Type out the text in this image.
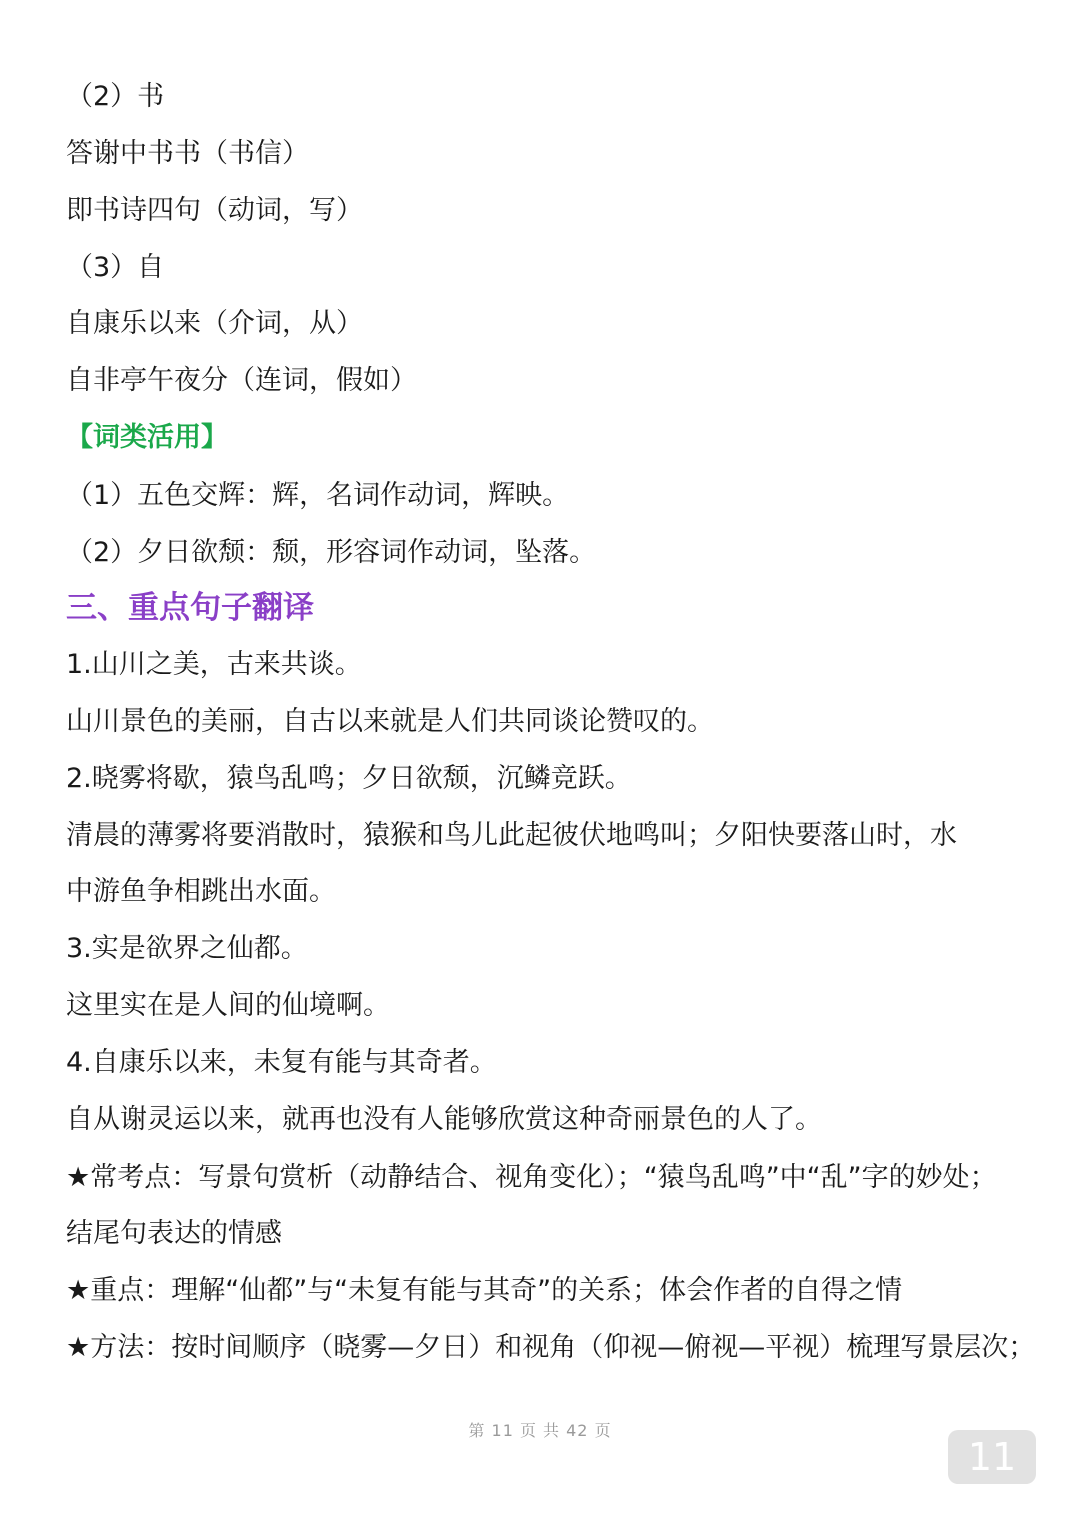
（2）书
答谢中书书（书信）
即书诗四句（动词，写）
（3）自
自康乐以来（介词，从）
自非亭午夜分（连词，假如）
【词类活用】
（1）五色交辉：辉，名词作动词，辉映。
（2）夕日欲颓：颓，形容词作动词，坠落。
三、重点句子翻译
1.山川之美，古来共谈。
山川景色的美丽，自古以来就是人们共同谈论赞叹的。
2.晓雾将歇，猿鸟乱鸣；夕日欲颓，沉鳞竞跃。
清晨的薄雾将要消散时，猿猴和鸟儿此起彼伏地鸣叫；夕阳快要落山时，水
中游鱼争相跳出水面。
3.实是欲界之仙都。
这里实在是人间的仙境啊。
4.自康乐以来，未复有能与其奇者。
自从谢灵运以来，就再也没有人能够欣赏这种奇丽景色的人了。
★常考点：写景句赏析（动静结合、视角变化）；“猿鸟乱鸣”中“乱”字的妙处；
结尾句表达的情感
★重点：理解“仙都”与“未复有能与其奇”的关系；体会作者的自得之情
★方法：按时间顺序（晓雾—夕日）和视角（仰视—俯视—平视）梳理写景层次；
第 11 页 共 42 页
11
